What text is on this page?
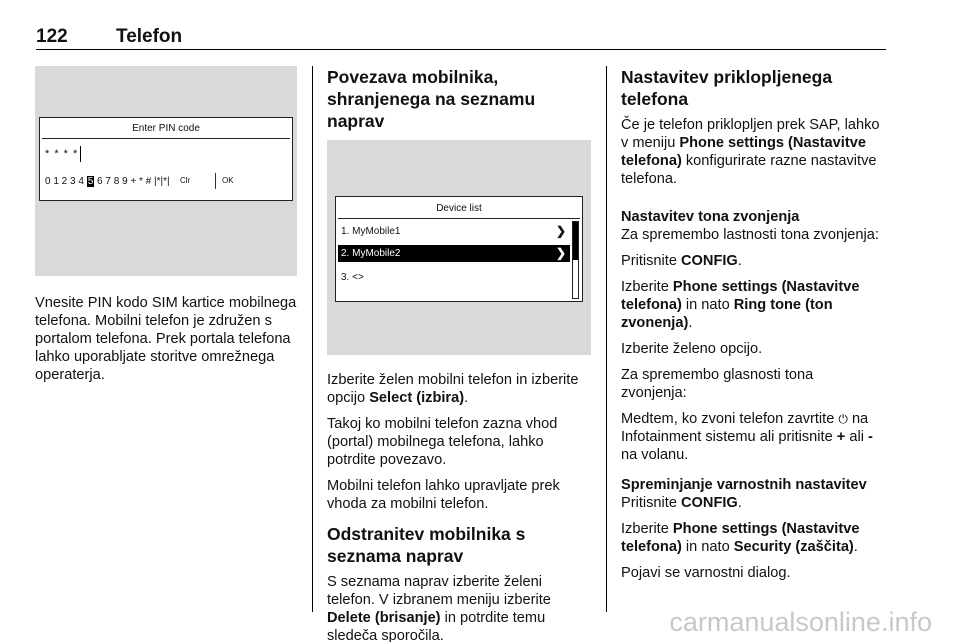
122	Telefon
Enter PIN code
* * * *
0 1 2 3 4 5 6 7 8 9 + * # |*|*| Clr	OK

Vnesite PIN kodo SIM kartice mobilnega telefona. Mobilni telefon je združen s portalom telefona. Prek portala telefona lahko uporabljate storitve omrežnega operaterja.

Povezava mobilnika, shranjenega na seznamu naprav
Device list
1. MyMobile1	❯
2. MyMobile2	❯
3. <>

Izberite želen mobilni telefon in izberite opcijo Select (izbira).

Takoj ko mobilni telefon zazna vhod (portal) mobilnega telefona, lahko potrdite povezavo.

Mobilni telefon lahko upravljate prek vhoda za mobilni telefon.

Odstranitev mobilnika s seznama naprav

S seznama naprav izberite želeni telefon. V izbranem meniju izberite Delete (brisanje) in potrdite temu sledeča sporočila.

Nastavitev priklopljenega telefona

Če je telefon priklopljen prek SAP, lahko v meniju Phone settings (Nastavitve telefona) konfigurirate razne nastavitve telefona.

Nastavitev tona zvonjenja

Za spremembo lastnosti tona zvonjenja:

Pritisnite CONFIG.

Izberite Phone settings (Nastavitve telefona) in nato Ring tone (ton zvonenja).

Izberite želeno opcijo.

Za spremembo glasnosti tona zvonjenja:

Medtem, ko zvoni telefon zavrtite ⏻ na Infotainment sistemu ali pritisnite + ali - na volanu.

Spreminjanje varnostnih nastavitev

Pritisnite CONFIG.

Izberite Phone settings (Nastavitve telefona) in nato Security (zaščita).

Pojavi se varnostni dialog.

carmanualsonline.info
